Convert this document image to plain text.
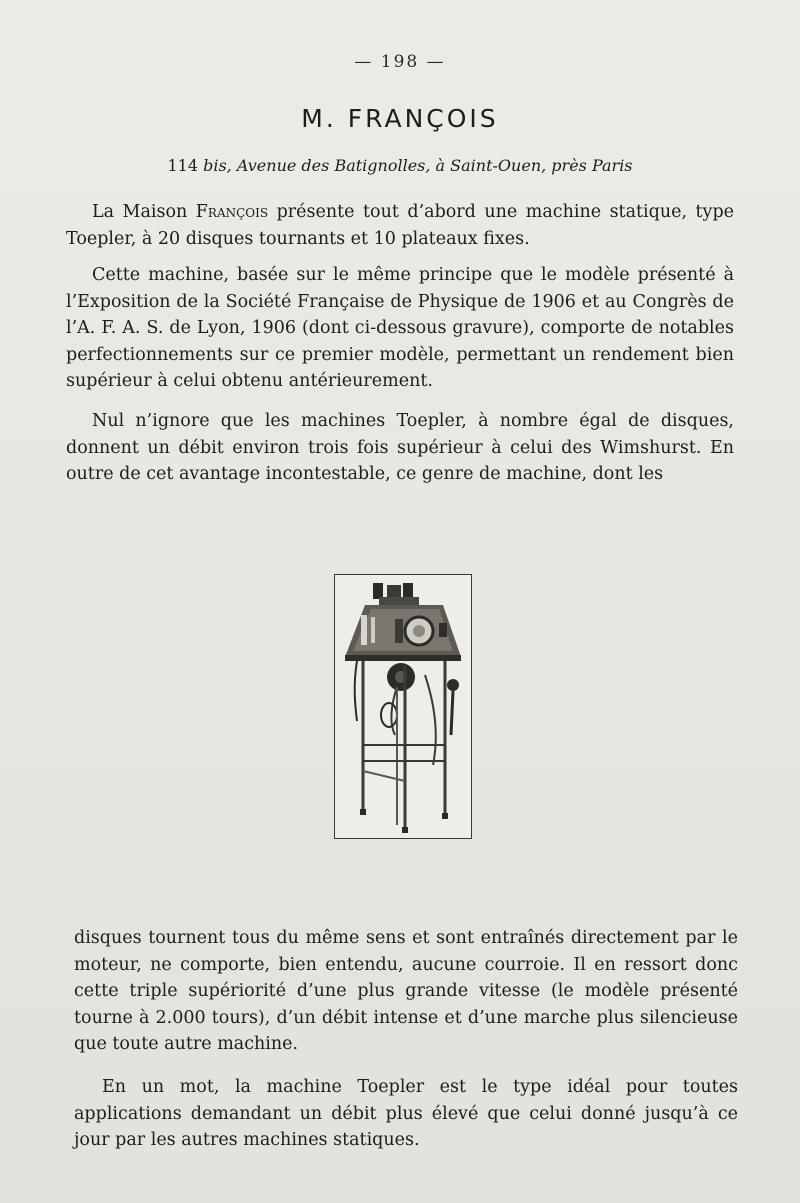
— 198 —
M. FRANÇOIS
114 bis, Avenue des Batignolles, à Saint-Ouen, près Paris

La Maison François présente tout d’abord une machine statique, type Toepler, à 20 disques tournants et 10 plateaux fixes.

Cette machine, basée sur le même principe que le modèle présenté à l’Exposition de la Société Française de Physique de 1906 et au Congrès de l’A. F. A. S. de Lyon, 1906 (dont ci-dessous gravure), comporte de notables perfectionnements sur ce premier modèle, permettant un rendement bien supérieur à celui obtenu antérieurement.

Nul n’ignore que les machines Toepler, à nombre égal de disques, donnent un débit environ trois fois supérieur à celui des Wimshurst. En outre de cet avantage incontestable, ce genre de machine, dont les

disques tournent tous du même sens et sont entraînés directement par le moteur, ne comporte, bien entendu, aucune courroie. Il en ressort donc cette triple supériorité d’une plus grande vitesse (le modèle présenté tourne à 2.000 tours), d’un débit intense et d’une marche plus silencieuse que toute autre machine.

En un mot, la machine Toepler est le type idéal pour toutes applications demandant un débit plus élevé que celui donné jusqu’à ce jour par les autres machines statiques.
